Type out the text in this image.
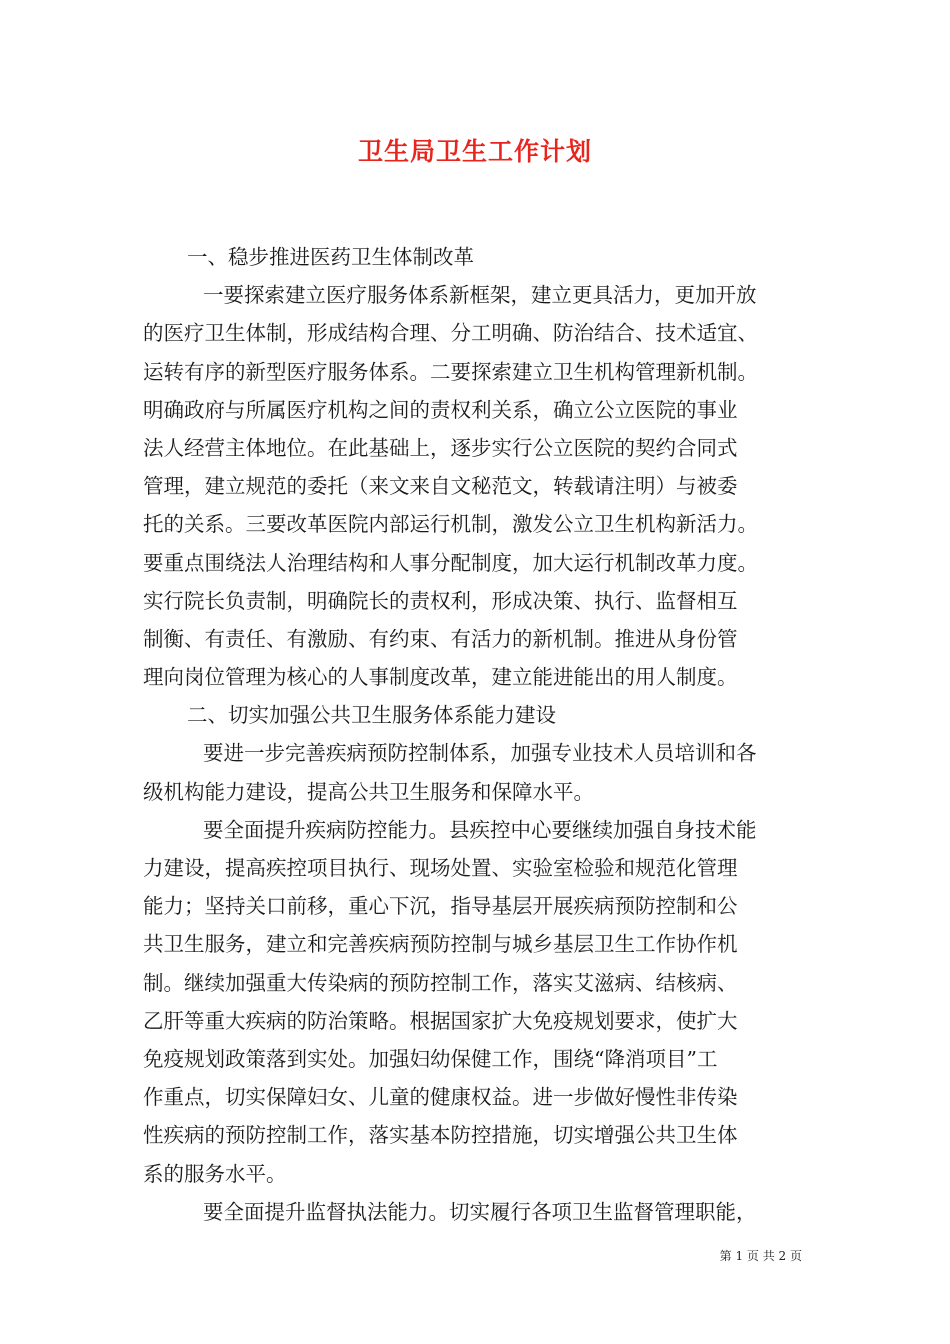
卫生局卫生工作计划
一、稳步推进医药卫生体制改革
一要探索建立医疗服务体系新框架，建立更具活力，更加开放
的医疗卫生体制，形成结构合理、分工明确、防治结合、技术适宜、
运转有序的新型医疗服务体系。二要探索建立卫生机构管理新机制。
明确政府与所属医疗机构之间的责权利关系，确立公立医院的事业
法人经营主体地位。在此基础上，逐步实行公立医院的契约合同式
管理，建立规范的委托（来文来自文秘范文，转载请注明）与被委
托的关系。三要改革医院内部运行机制，激发公立卫生机构新活力。
要重点围绕法人治理结构和人事分配制度，加大运行机制改革力度。
实行院长负责制，明确院长的责权利，形成决策、执行、监督相互
制衡、有责任、有激励、有约束、有活力的新机制。推进从身份管
理向岗位管理为核心的人事制度改革，建立能进能出的用人制度。
二、切实加强公共卫生服务体系能力建设
要进一步完善疾病预防控制体系，加强专业技术人员培训和各
级机构能力建设，提高公共卫生服务和保障水平。
要全面提升疾病防控能力。县疾控中心要继续加强自身技术能
力建设，提高疾控项目执行、现场处置、实验室检验和规范化管理
能力；坚持关口前移，重心下沉，指导基层开展疾病预防控制和公
共卫生服务，建立和完善疾病预防控制与城乡基层卫生工作协作机
制。继续加强重大传染病的预防控制工作，落实艾滋病、结核病、
乙肝等重大疾病的防治策略。根据国家扩大免疫规划要求，使扩大
免疫规划政策落到实处。加强妇幼保健工作，围绕“降消项目”工
作重点，切实保障妇女、儿童的健康权益。进一步做好慢性非传染
性疾病的预防控制工作，落实基本防控措施，切实增强公共卫生体
系的服务水平。
要全面提升监督执法能力。切实履行各项卫生监督管理职能，
第 1 页 共 2 页
